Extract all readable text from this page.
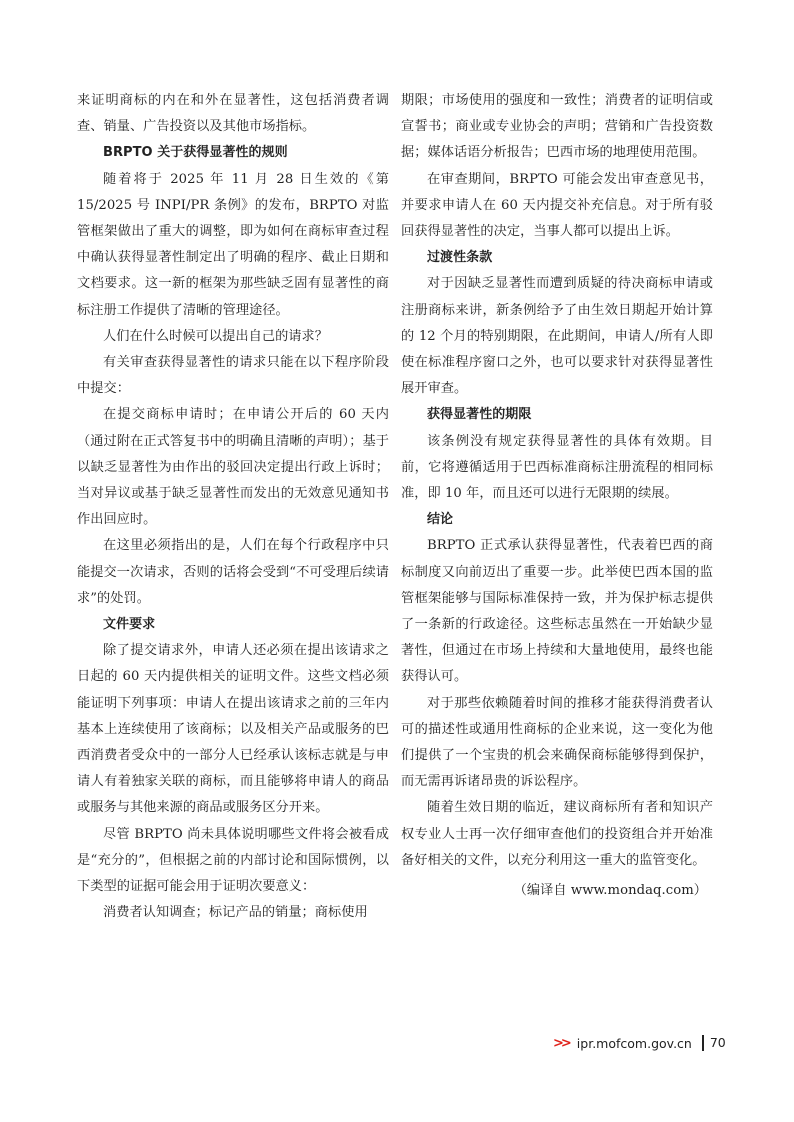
来证明商标的内在和外在显著性，这包括消费者调查、销量、广告投资以及其他市场指标。

BRPTO 关于获得显著性的规则

随着将于 2025 年 11 月 28 日生效的《第 15/2025 号 INPI/PR 条例》的发布，BRPTO 对监管框架做出了重大的调整，即为如何在商标审查过程中确认获得显著性制定出了明确的程序、截止日期和文档要求。这一新的框架为那些缺乏固有显著性的商标注册工作提供了清晰的管理途径。

人们在什么时候可以提出自己的请求？

有关审查获得显著性的请求只能在以下程序阶段中提交：

在提交商标申请时；在申请公开后的 60 天内（通过附在正式答复书中的明确且清晰的声明）；基于以缺乏显著性为由作出的驳回决定提出行政上诉时；当对异议或基于缺乏显著性而发出的无效意见通知书作出回应时。

在这里必须指出的是，人们在每个行政程序中只能提交一次请求，否则的话将会受到“不可受理后续请求”的处罚。

文件要求

除了提交请求外，申请人还必须在提出该请求之日起的 60 天内提供相关的证明文件。这些文档必须能证明下列事项：申请人在提出该请求之前的三年内基本上连续使用了该商标；以及相关产品或服务的巴西消费者受众中的一部分人已经承认该标志就是与申请人有着独家关联的商标，而且能够将申请人的商品或服务与其他来源的商品或服务区分开来。

尽管 BRPTO 尚未具体说明哪些文件将会被看成是“充分的”，但根据之前的内部讨论和国际惯例，以下类型的证据可能会用于证明次要意义：

消费者认知调查；标记产品的销量；商标使用

期限；市场使用的强度和一致性；消费者的证明信或宣誓书；商业或专业协会的声明；营销和广告投资数据；媒体话语分析报告；巴西市场的地理使用范围。

在审查期间，BRPTO 可能会发出审查意见书，并要求申请人在 60 天内提交补充信息。对于所有驳回获得显著性的决定，当事人都可以提出上诉。

过渡性条款

对于因缺乏显著性而遭到质疑的待决商标申请或注册商标来讲，新条例给予了由生效日期起开始计算的 12 个月的特别期限，在此期间，申请人/所有人即使在标准程序窗口之外，也可以要求针对获得显著性展开审查。

获得显著性的期限

该条例没有规定获得显著性的具体有效期。目前，它将遵循适用于巴西标准商标注册流程的相同标准，即 10 年，而且还可以进行无限期的续展。

结论

BRPTO 正式承认获得显著性，代表着巴西的商标制度又向前迈出了重要一步。此举使巴西本国的监管框架能够与国际标准保持一致，并为保护标志提供了一条新的行政途径。这些标志虽然在一开始缺少显著性，但通过在市场上持续和大量地使用，最终也能获得认可。

对于那些依赖随着时间的推移才能获得消费者认可的描述性或通用性商标的企业来说，这一变化为他们提供了一个宝贵的机会来确保商标能够得到保护，而无需再诉诸昂贵的诉讼程序。

随着生效日期的临近，建议商标所有者和知识产权专业人士再一次仔细审查他们的投资组合并开始准备好相关的文件，以充分利用这一重大的监管变化。

（编译自 www.mondaq.com）

>> ipr.mofcom.gov.cn	70
